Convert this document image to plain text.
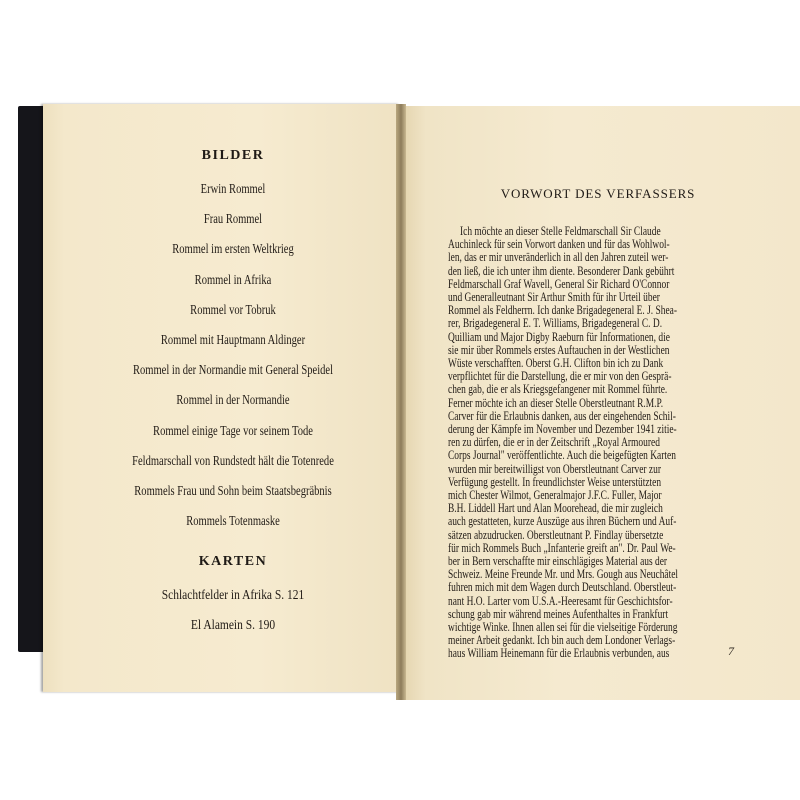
BILDER
Erwin Rommel
Frau Rommel
Rommel im ersten Weltkrieg
Rommel in Afrika
Rommel vor Tobruk
Rommel mit Hauptmann Aldinger
Rommel in der Normandie mit General Speidel
Rommel in der Normandie
Rommel einige Tage vor seinem Tode
Feldmarschall von Rundstedt hält die Totenrede
Rommels Frau und Sohn beim Staatsbegräbnis
Rommels Totenmaske
KARTEN
Schlachtfelder in Afrika S. 121
El Alamein S. 190
VORWORT DES VERFASSERS
Ich möchte an dieser Stelle Feldmarschall Sir Claude
Auchinleck für sein Vorwort danken und für das Wohlwol-
len, das er mir unveränderlich in all den Jahren zuteil wer-
den ließ, die ich unter ihm diente. Besonderer Dank gebührt
Feldmarschall Graf Wavell, General Sir Richard O'Connor
und Generalleutnant Sir Arthur Smith für ihr Urteil über
Rommel als Feldherrn. Ich danke Brigadegeneral E. J. Shea-
rer, Brigadegeneral E. T. Williams, Brigadegeneral C. D.
Quilliam und Major Digby Raeburn für Informationen, die
sie mir über Rommels erstes Auftauchen in der Westlichen
Wüste verschafften. Oberst G.H. Clifton bin ich zu Dank
verpflichtet für die Darstellung, die er mir von den Gesprä-
chen gab, die er als Kriegsgefangener mit Rommel führte.
Ferner möchte ich an dieser Stelle Oberstleutnant R.M.P.
Carver für die Erlaubnis danken, aus der eingehenden Schil-
derung der Kämpfe im November und Dezember 1941 zitie-
ren zu dürfen, die er in der Zeitschrift „Royal Armoured
Corps Journal" veröffentlichte. Auch die beigefügten Karten
wurden mir bereitwilligst von Oberstleutnant Carver zur
Verfügung gestellt. In freundlichster Weise unterstützten
mich Chester Wilmot, Generalmajor J.F.C. Fuller, Major
B.H. Liddell Hart und Alan Moorehead, die mir zugleich
auch gestatteten, kurze Auszüge aus ihren Büchern und Auf-
sätzen abzudrucken. Oberstleutnant P. Findlay übersetzte
für mich Rommels Buch „Infanterie greift an". Dr. Paul We-
ber in Bern verschaffte mir einschlägiges Material aus der
Schweiz. Meine Freunde Mr. und Mrs. Gough aus Neuchâtel
fuhren mich mit dem Wagen durch Deutschland. Oberstleut-
nant H.O. Larter vom U.S.A.-Heeresamt für Geschichtsfor-
schung gab mir während meines Aufenthaltes in Frankfurt
wichtige Winke. Ihnen allen sei für die vielseitige Förderung
meiner Arbeit gedankt. Ich bin auch dem Londoner Verlags-
haus William Heinemann für die Erlaubnis verbunden, aus	7
